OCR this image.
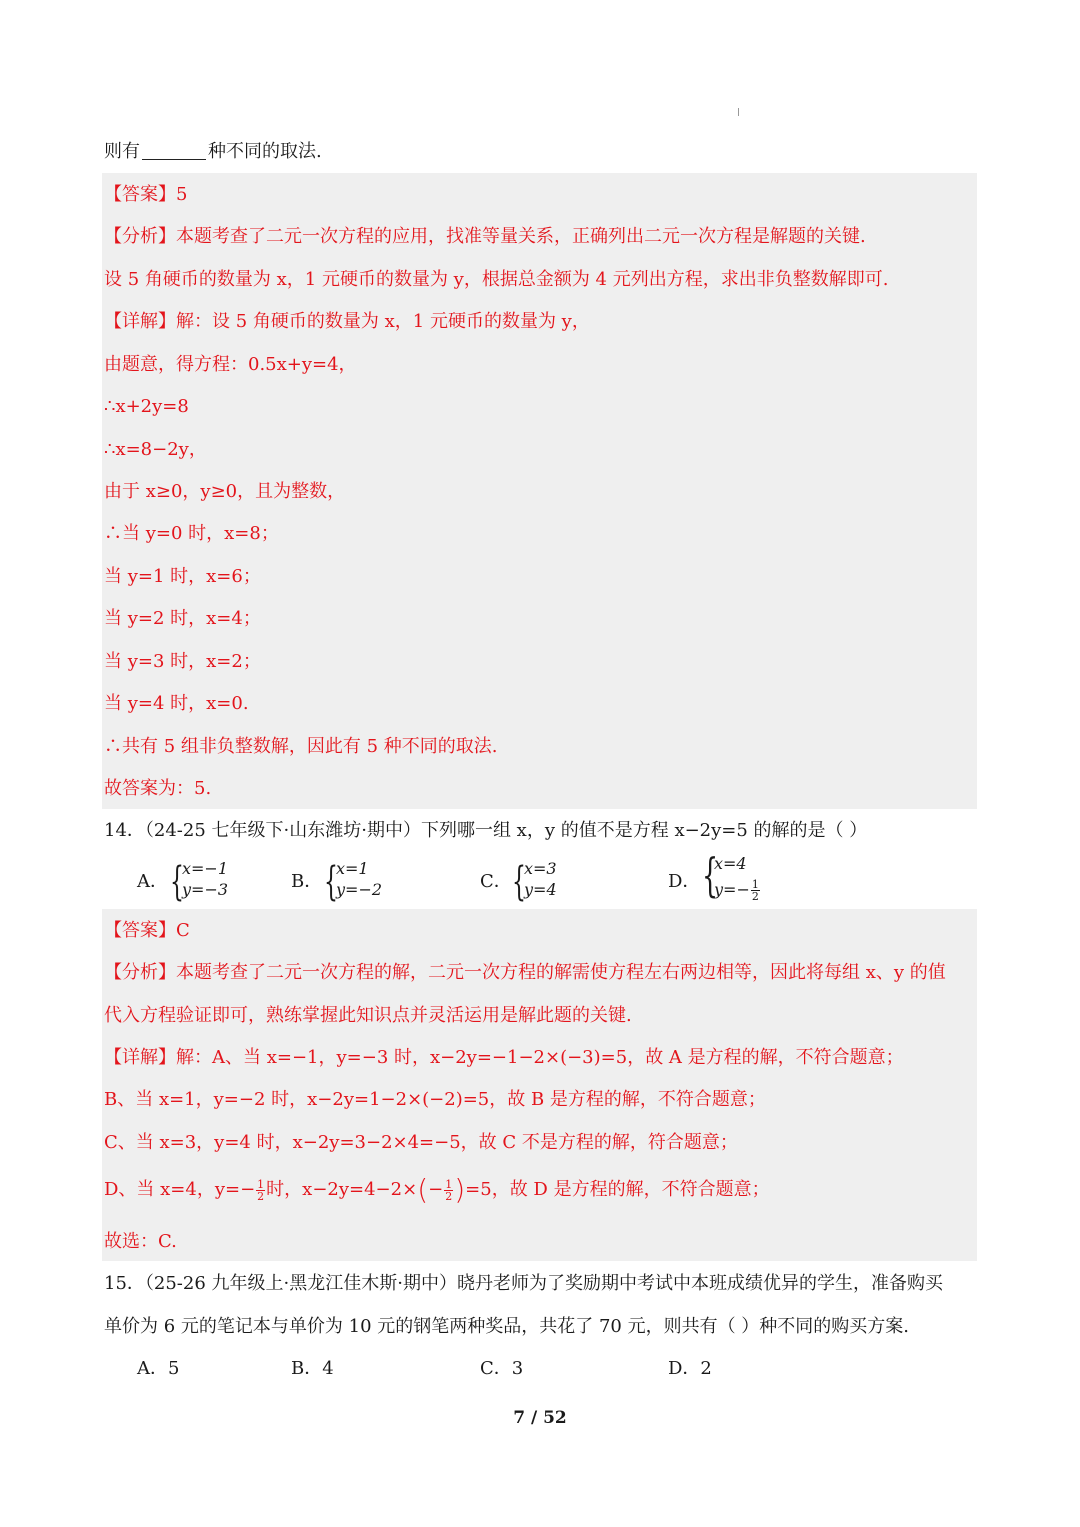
则有	种不同的取法.
【答案】5
【分析】本题考查了二元一次方程的应用，找准等量关系，正确列出二元一次方程是解题的关键.
设 5 角硬币的数量为 x，1 元硬币的数量为 y，根据总金额为 4 元列出方程，求出非负整数解即可.
【详解】解：设 5 角硬币的数量为 x，1 元硬币的数量为 y，
由题意，得方程：0.5x+y=4，
∴x+2y=8
∴x=8−2y，
由于 x≥0，y≥0，且为整数，
∴当 y=0 时，x=8；
当 y=1 时，x=6；
当 y=2 时，x=4；
当 y=3 时，x=2；
当 y=4 时，x=0.
∴共有 5 组非负整数解，因此有 5 种不同的取法.
故答案为：5.
14．（24-25 七年级下·山东潍坊·期中）下列哪一组 x，y 的值不是方程 x−2y=5 的解的是（ ）
A． {
x=−1
y=−3	B． {
x=1
y=−2	C． {
x=3
y=4	D． {
x=4
$y=- \frac{1}{2}$
【答案】C
【分析】本题考查了二元一次方程的解，二元一次方程的解需使方程左右两边相等，因此将每组 x、y 的值
代入方程验证即可，熟练掌握此知识点并灵活运用是解此题的关键.
【详解】解：A、当 x=−1，y=−3 时，x−2y=−1−2×(−3)=5，故 A 是方程的解，不符合题意；
B、当 x=1，y=−2 时，x−2y=1−2×(−2)=5，故 B 是方程的解，不符合题意；
C、当 x=3，y=4 时，x−2y=3−2×4=−5，故 C 不是方程的解，符合题意；
D、当 x=4，$y=- \frac{1}{2}$ 时，$x-2y=4-2\times(- \frac{1}{2} )=5$，故 D 是方程的解，不符合题意；
故选：C.
15．（25-26 九年级上·黑龙江佳木斯·期中）晓丹老师为了奖励期中考试中本班成绩优异的学生，准备购买
单价为 6 元的笔记本与单价为 10 元的钢笔两种奖品，共花了 70 元，则共有（ ）种不同的购买方案.
A．5	B．4	C．3	D．2
7 / 52
